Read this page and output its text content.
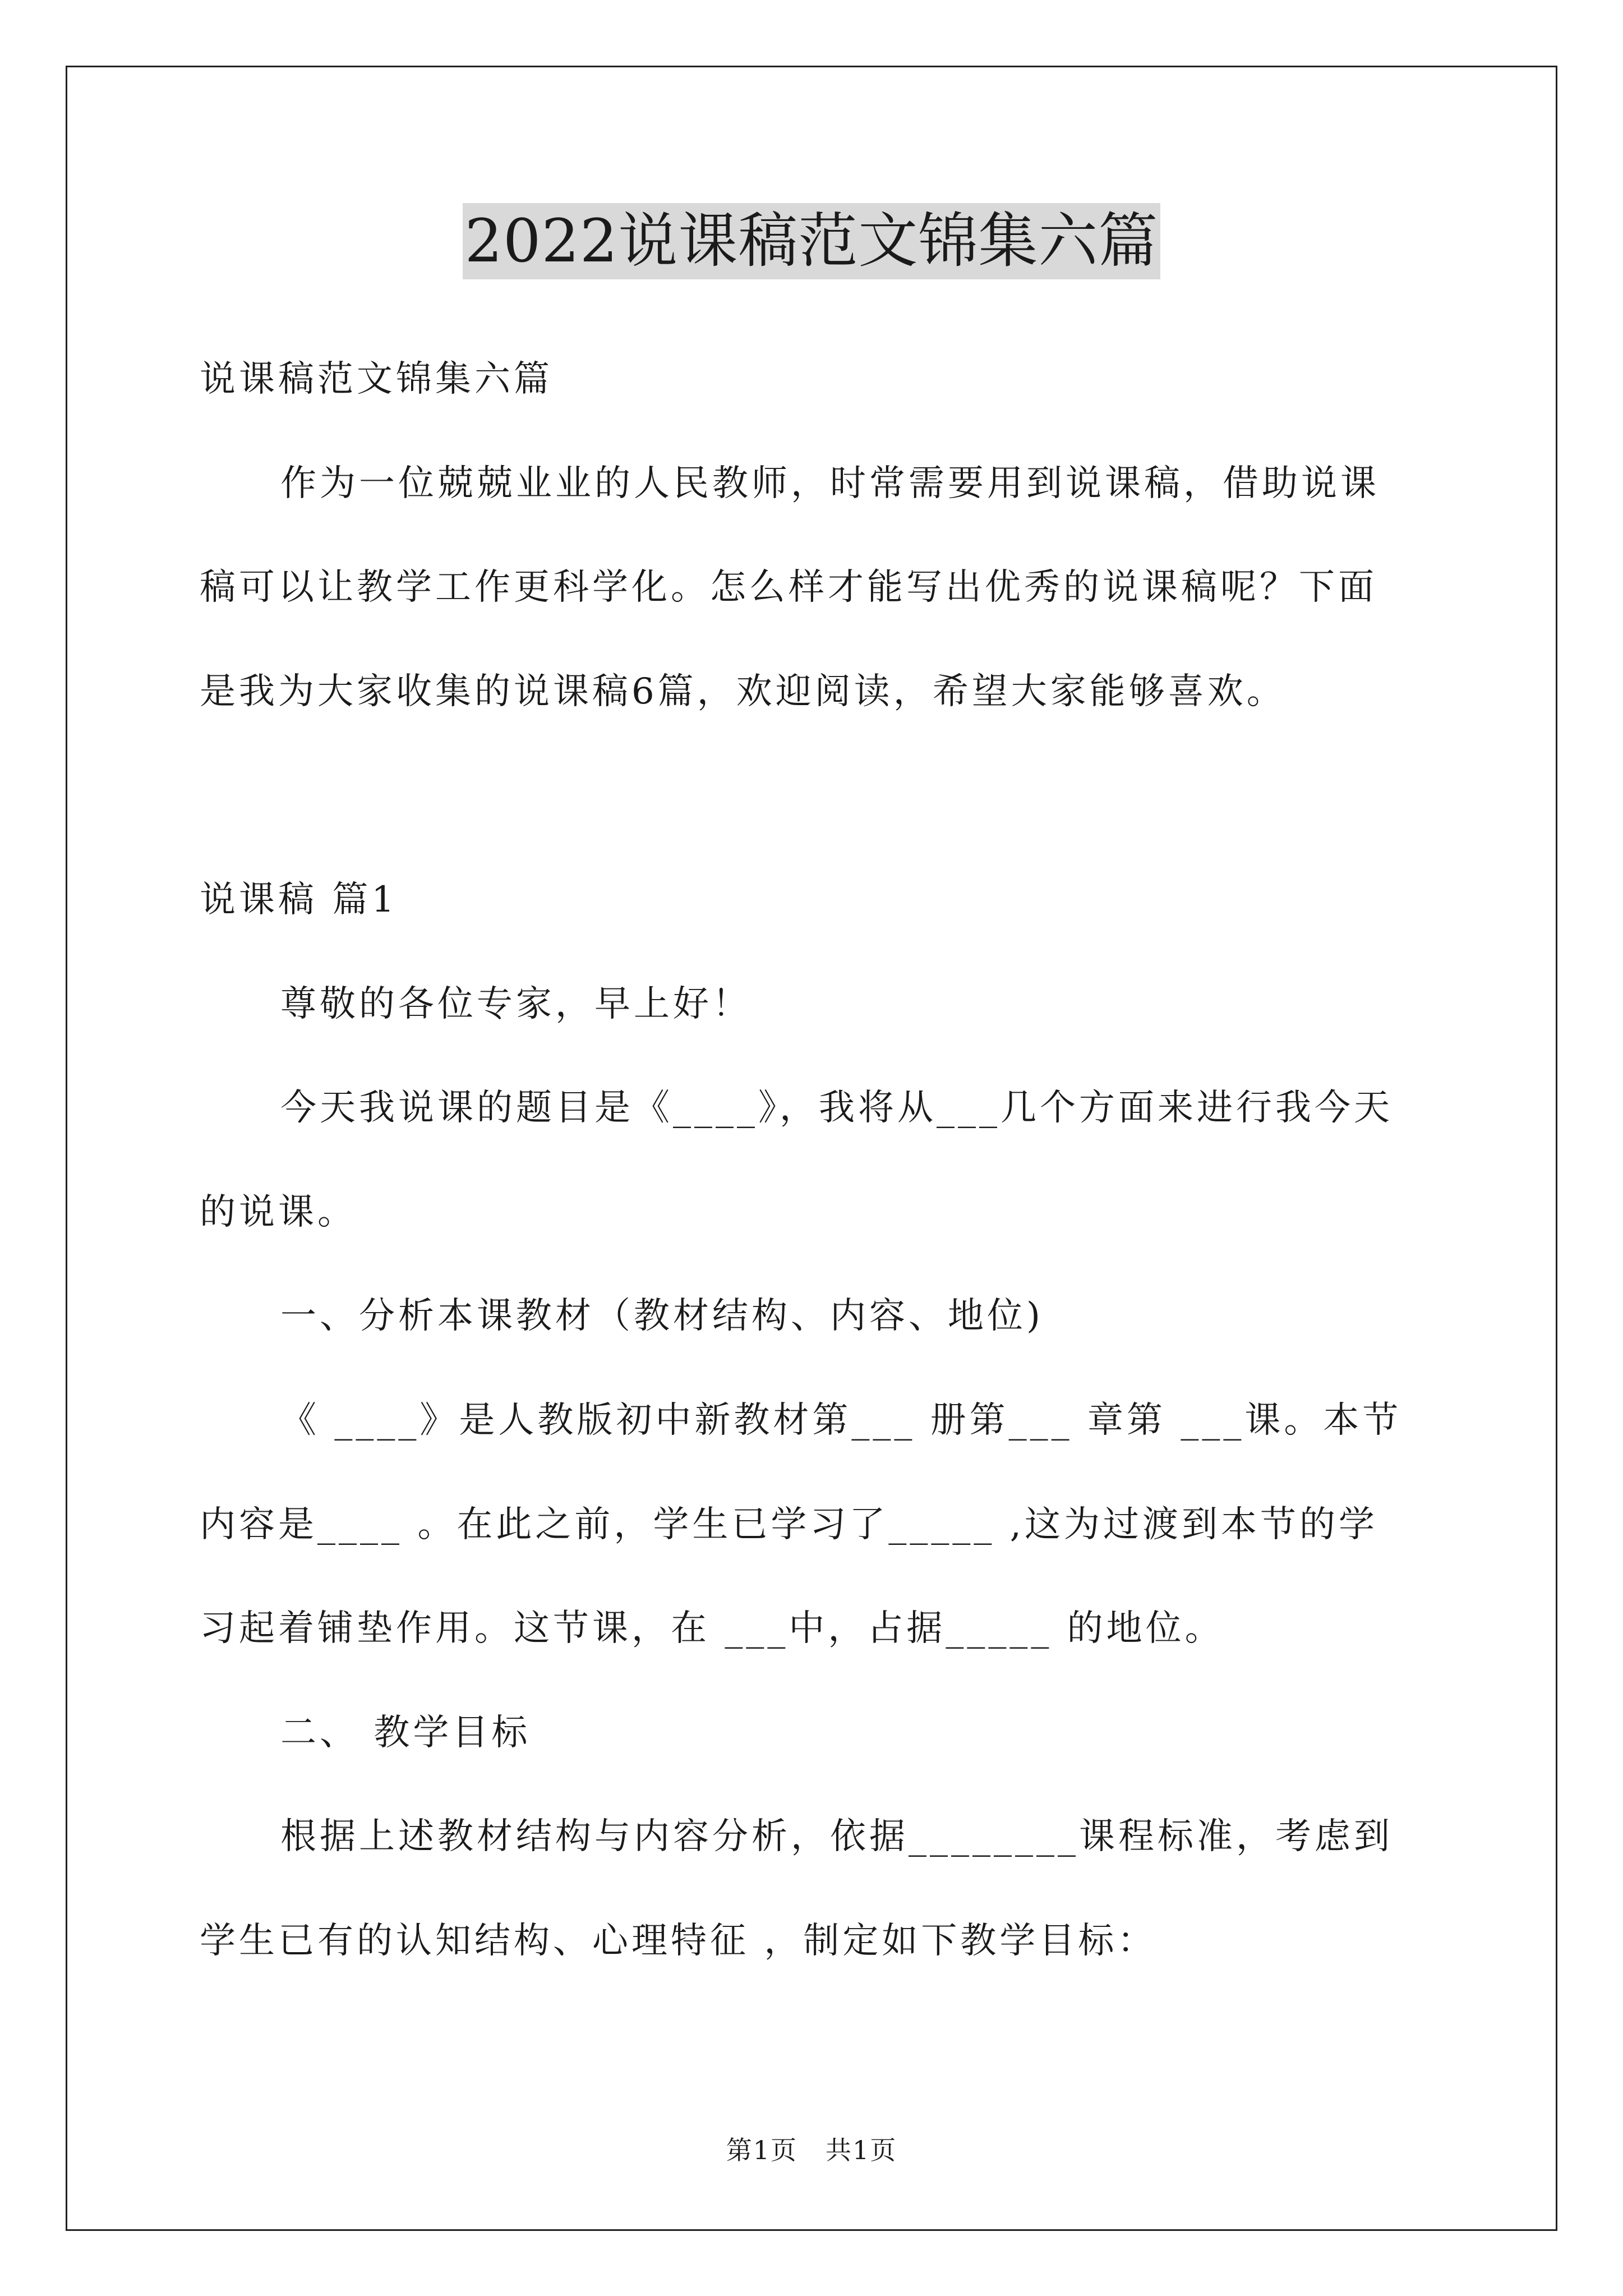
2022说课稿范文锦集六篇
说课稿范文锦集六篇
作为一位兢兢业业的人民教师，时常需要用到说课稿，借助说课
稿可以让教学工作更科学化。怎么样才能写出优秀的说课稿呢？下面
是我为大家收集的说课稿6篇，欢迎阅读，希望大家能够喜欢。
说课稿 篇1
尊敬的各位专家，早上好！
今天我说课的题目是《____》，我将从___几个方面来进行我今天
的说课。
一、分析本课教材（教材结构、内容、地位)
《 ____》是人教版初中新教材第___ 册第___ 章第 ___课。本节
内容是____ 。在此之前，学生已学习了_____ ,这为过渡到本节的学
习起着铺垫作用。这节课，在 ___中，占据_____ 的地位。
二、 教学目标
根据上述教材结构与内容分析，依据________课程标准，考虑到
学生已有的认知结构、心理特征 ，制定如下教学目标：
第1页 共1页
